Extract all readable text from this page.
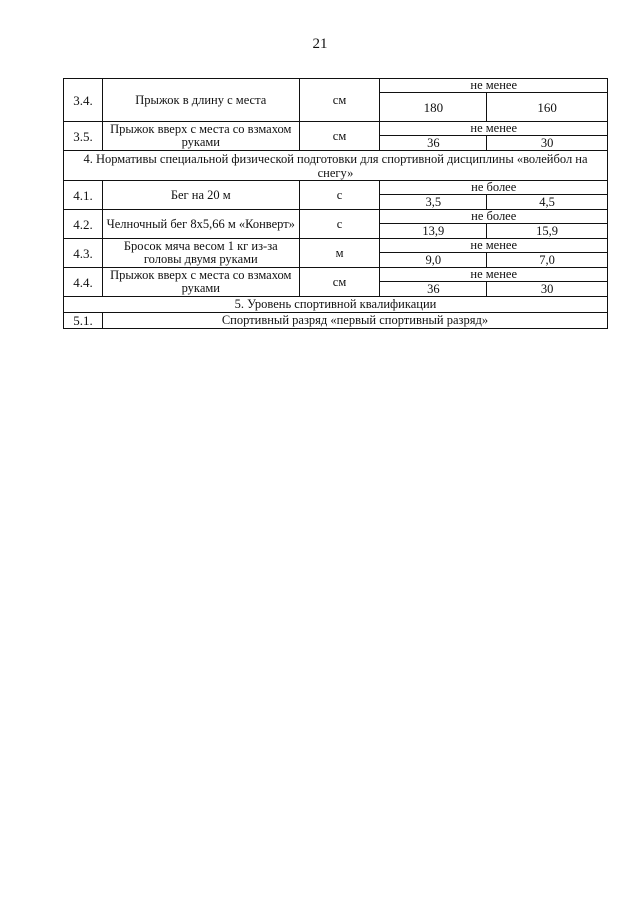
21
3.4.	Прыжок в длину с места	см	не менее	
			180	160
3.5.	Прыжок вверх с места со взмахом руками	см	не менее	
			36	30
4. Нормативы специальной физической подготовки для спортивной дисциплины «волейбол на снегу»				
4.1.	Бег на 20 м	с	не более	
			3,5	4,5
4.2.	Челночный бег 8х5,66 м «Конверт»	с	не более	
			13,9	15,9
4.3.	Бросок мяча весом 1 кг из-за головы двумя руками	м	не менее	
			9,0	7,0
4.4.	Прыжок вверх с места со взмахом руками	см	не менее	
			36	30
5. Уровень спортивной квалификации				
5.1.	Спортивный разряд «первый спортивный разряд»			
